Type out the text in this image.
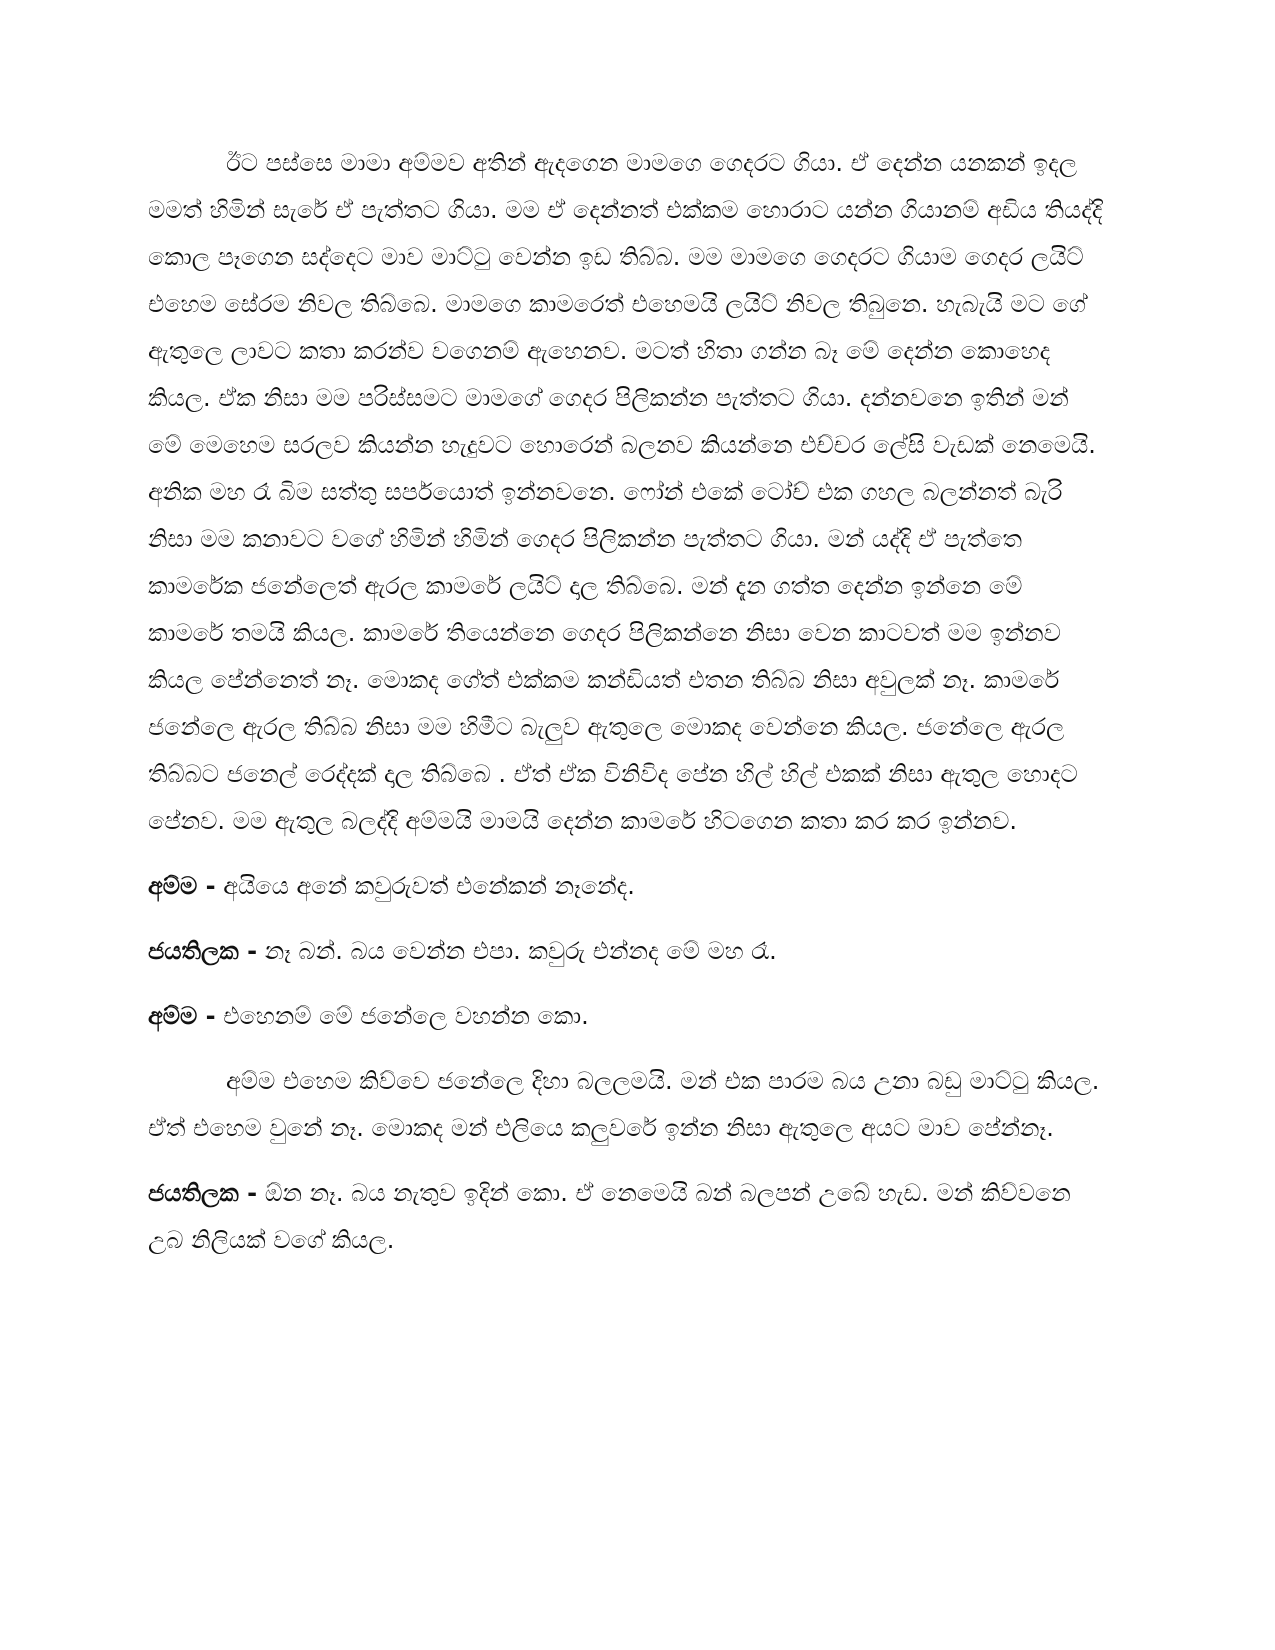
ඊට පස්සෙ මාමා අම්මව අතින් ඇදගෙන මාමගෙ ගෙදරට ගියා. ඒ දෙන්න යනකන් ඉදල මමත් හිමින් සැරේ ඒ පැත්තට ගියා. මම ඒ දෙන්නත් එක්කම හොරාට යන්න ගියානම් අඩිය තියද්දි කොල පෑගෙන සද්දෙට මාව මාට්ටු වෙන්න ඉඩ තිබ්බ. මම මාමගෙ ගෙදරට ගියාම ගෙදර ලයිට් එහෙම සේරම නිවල තිබ්බෙ. මාමගෙ කාමරෙත් එහෙමයි ලයිට් නිවල තිබුනෙ. හැබැයි මට ගේ ඇතුලෙ ලාවට කතා කරන්ව වගෙනම් ඇහෙනව. මටත් හිතා ගන්න බෑ මේ දෙන්න කොහෙද කියල. ඒක නිසා මම පරිස්සමට මාමගේ ගෙදර පිලිකන්න පැත්තට ගියා. දන්නවනෙ ඉතින් මන් මේ මෙහෙම සරලව කියන්න හැදුවට හොරෙන් බලනව කියන්නෙ එච්චර ලේසි වැඩක් නෙමෙයි. අනික මහ රෑ බිම සත්තු සර්පයොත් ඉන්නවනෙ. ෆෝන් එකේ ටෝච් එක ගහල බලන්නත් බැරි නිසා මම කනාවට වගේ හිමින් හිමින් ගෙදර පිලිකන්න පැත්තට ගියා. මන් යද්දි ඒ පැත්තෙ කාමරේක ජනේලෙත් ඇරල කාමරේ ලයිට් දාල තිබ්බෙ. මන් දැන ගත්ත දෙන්න ඉන්නෙ මේ කාමරේ තමයි කියල. කාමරේ තියෙන්නෙ ගෙදර පිලිකන්නෙ නිසා වෙන කාටවත් මම ඉන්නව කියල පේන්නෙත් නෑ. මොකද ගේත් එක්කම කන්ඩියත් එතන තිබ්බ නිසා අවුලක් නෑ. කාමරේ ජනේලෙ ඇරල තිබ්බ නිසා මම හිමීට බැලුව ඇතුලෙ මොකද වෙන්නෙ කියල. ජනේලෙ ඇරල තිබ්බට ජනෙල් රෙද්දක් දාල තිබ්බෙ . ඒත් ඒක විනිවිද පේන හිල් හිල් එකක් නිසා ඇතුල හොදට පේනව. මම ඇතුල බලද්දි අම්මයි මාමයි දෙන්න කාමරේ හිටගෙන කතා කර කර ඉන්නව.

අම්ම - අයියෙ අනේ කවුරුවත් එනේකන් නෑනේද.

ජයතිලක - නෑ බන්. බය වෙන්න එපා. කවුරු එන්නද මේ මහ රෑ.

අම්ම - එහෙනම් මේ ජනේලෙ වහන්න කො.

අම්ම එහෙම කිව්වෙ ජනේලෙ දිහා බලලමයි. මන් එක පාරම බය උනා බඩු මාට්ටු කියල. ඒත් එහෙම වුනේ නෑ. මොකද මන් එලියෙ කලුවරේ ඉන්න නිසා ඇතුලෙ අයට මාව පේන්නෑ.

ජයතිලක - ඕන නෑ. බය නැතුව ඉදින් කො. ඒ නෙමෙයි බන් බලපන් උබේ හැඩ. මන් කිව්වනෙ උබ නිලියක් වගේ කියල.
